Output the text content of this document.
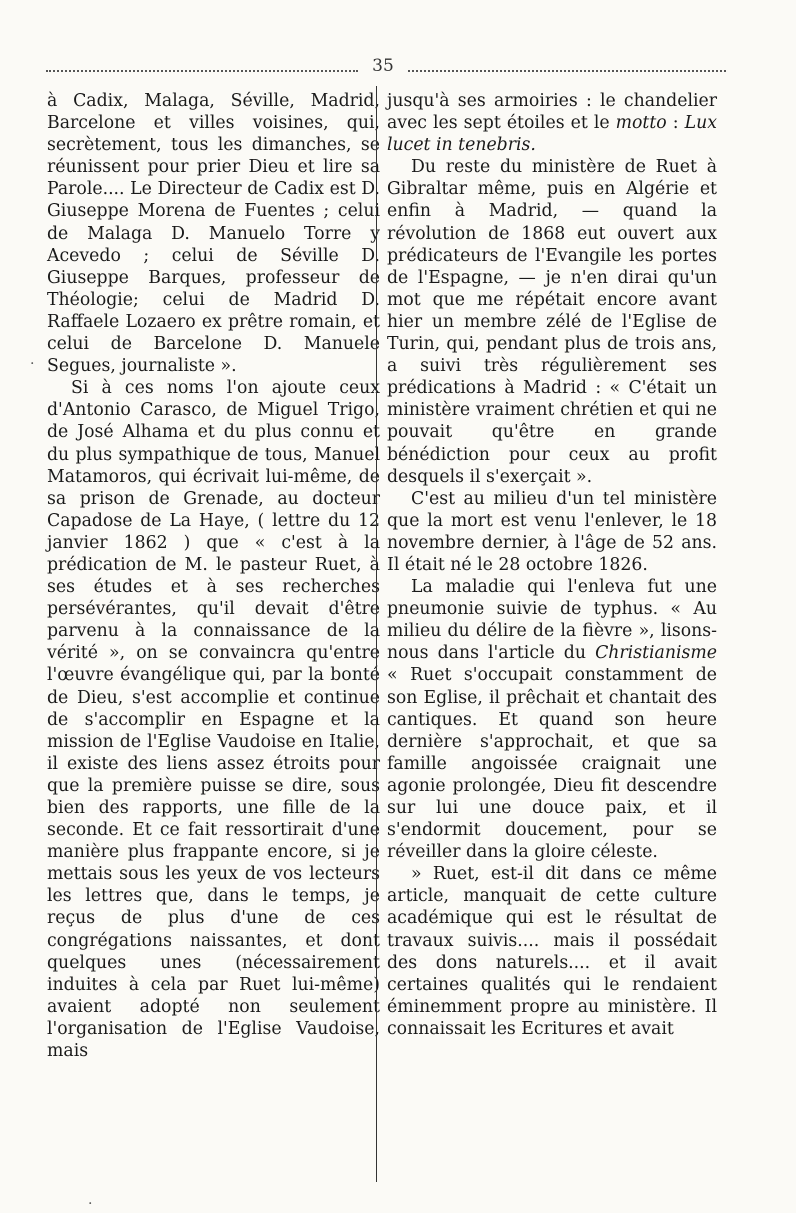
35

à Cadix, Malaga, Séville, Madrid, Barcelone et villes voisines, qui, secrètement, tous les dimanches, se réunissent pour prier Dieu et lire sa Parole.... Le Directeur de Cadix est D. Giuseppe Morena de Fuentes ; celui de Malaga D. Manuelo Torre y Acevedo ; celui de Séville D. Giuseppe Barques, professeur de Théologie; celui de Madrid D. Raffaele Lozaero ex prêtre romain, et celui de Barcelone D. Manuele Segues, journaliste ».

Si à ces noms l'on ajoute ceux d'Antonio Carasco, de Miguel Trigo, de José Alhama et du plus connu et du plus sympathique de tous, Manuel Matamoros, qui écrivait lui-même, de sa prison de Grenade, au docteur Capadose de La Haye, ( lettre du 12 janvier 1862 ) que « c'est à la prédication de M. le pasteur Ruet, à ses études et à ses recherches persévérantes, qu'il devait d'être parvenu à la connaissance de la vérité », on se convaincra qu'entre l'œuvre évangélique qui, par la bonté de Dieu, s'est accomplie et continue de s'accomplir en Espagne et la mission de l'Eglise Vaudoise en Italie, il existe des liens assez étroits pour que la première puisse se dire, sous bien des rapports, une fille de la seconde. Et ce fait ressortirait d'une manière plus frappante encore, si je mettais sous les yeux de vos lecteurs les lettres que, dans le temps, je reçus de plus d'une de ces congrégations naissantes, et dont quelques unes (nécessairement induites à cela par Ruet lui-même) avaient adopté non seulement l'organisation de l'Eglise Vaudoise, mais

jusqu'à ses armoiries : le chandelier avec les sept étoiles et le motto : Lux lucet in tenebris.

Du reste du ministère de Ruet à Gibraltar même, puis en Algérie et enfin à Madrid, — quand la révolution de 1868 eut ouvert aux prédicateurs de l'Evangile les portes de l'Espagne, — je n'en dirai qu'un mot que me répétait encore avant hier un membre zélé de l'Eglise de Turin, qui, pendant plus de trois ans, a suivi très régulièrement ses prédications à Madrid : « C'était un ministère vraiment chrétien et qui ne pouvait qu'être en grande bénédiction pour ceux au profit desquels il s'exerçait ».

C'est au milieu d'un tel ministère que la mort est venu l'enlever, le 18 novembre dernier, à l'âge de 52 ans. Il était né le 28 octobre 1826.

La maladie qui l'enleva fut une pneumonie suivie de typhus. « Au milieu du délire de la fièvre », lisons-nous dans l'article du Christianisme « Ruet s'occupait constamment de son Eglise, il prêchait et chantait des cantiques. Et quand son heure dernière s'approchait, et que sa famille angoissée craignait une agonie prolongée, Dieu fit descendre sur lui une douce paix, et il s'endormit doucement, pour se réveiller dans la gloire céleste.

» Ruet, est-il dit dans ce même article, manquait de cette culture académique qui est le résultat de travaux suivis.... mais il possédait des dons naturels.... et il avait certaines qualités qui le rendaient éminemment propre au ministère. Il connaissait les Ecritures et avait

.
.
